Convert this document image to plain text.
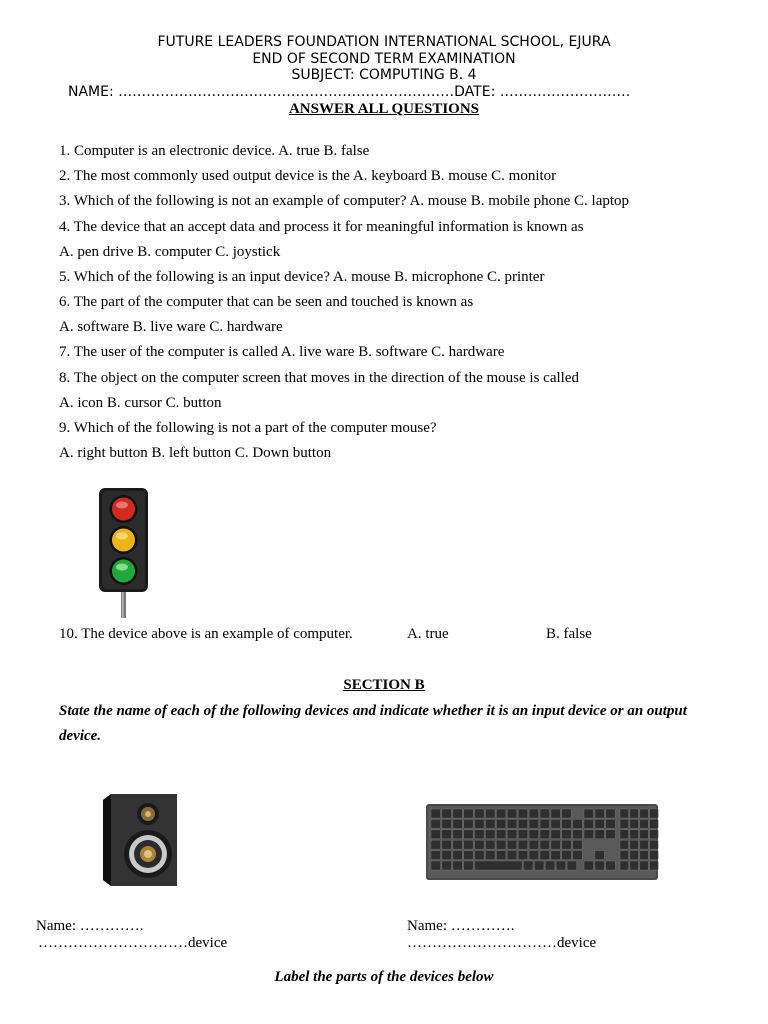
FUTURE LEADERS FOUNDATION INTERNATIONAL SCHOOL, EJURA
END OF SECOND TERM EXAMINATION
SUBJECT: COMPUTING B. 4
NAME: ………………………………………………………………DATE: ……………………….
ANSWER ALL QUESTIONS
1. Computer is an electronic device. A. true B. false
2. The most commonly used output device is the A. keyboard B. mouse C. monitor
3. Which of the following is not an example of computer? A. mouse B. mobile phone C. laptop
4. The device that an accept data and process it for meaningful information is known as
A. pen drive B. computer C. joystick
5. Which of the following is an input device? A. mouse B. microphone C. printer
6. The part of the computer that can be seen and touched is known as
A. software B. live ware C. hardware
7. The user of the computer is called A. live ware B. software C. hardware
8. The object on the computer screen that moves in the direction of the mouse is called
A. icon B. cursor C. button
9. Which of the following is not a part of the computer mouse?
A. right button B. left button C. Down button
10. The device above is an example of computer.	A. true	B. false
SECTION B
State the name of each of the following devices and indicate whether it is an input device or an output device.
Name: ………….
…………………………device
Name: ………….
…………………………device
Label the parts of the devices below
